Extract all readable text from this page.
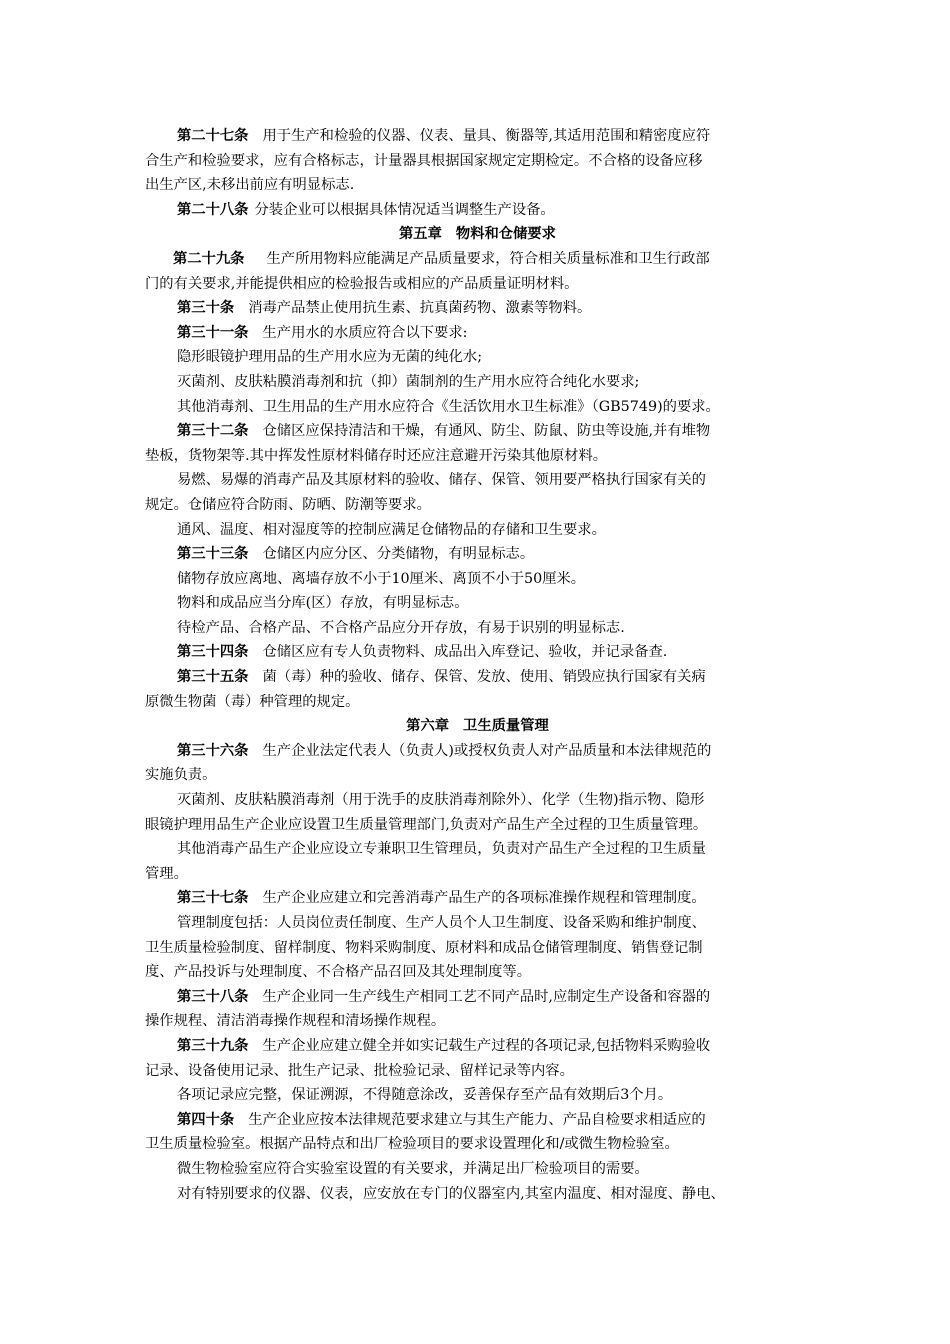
第二十七条 用于生产和检验的仪器、仪表、量具、衡器等,其适用范围和精密度应符
合生产和检验要求，应有合格标志，计量器具根据国家规定定期检定。不合格的设备应移
出生产区,未移出前应有明显标志.
第二十八条 分装企业可以根据具体情况适当调整生产设备。
第五章 物料和仓储要求
第二十九条 生产所用物料应能满足产品质量要求，符合相关质量标准和卫生行政部
门的有关要求,并能提供相应的检验报告或相应的产品质量证明材料。
第三十条 消毒产品禁止使用抗生素、抗真菌药物、激素等物料。
第三十一条 生产用水的水质应符合以下要求:
隐形眼镜护理用品的生产用水应为无菌的纯化水;
灭菌剂、皮肤粘膜消毒剂和抗（抑）菌制剂的生产用水应符合纯化水要求;
其他消毒剂、卫生用品的生产用水应符合《生活饮用水卫生标准》（GB5749)的要求。
第三十二条 仓储区应保持清洁和干燥，有通风、防尘、防鼠、防虫等设施,并有堆物
垫板，货物架等.其中挥发性原材料储存时还应注意避开污染其他原材料。
易燃、易爆的消毒产品及其原材料的验收、储存、保管、领用要严格执行国家有关的
规定。仓储应符合防雨、防晒、防潮等要求。
通风、温度、相对湿度等的控制应满足仓储物品的存储和卫生要求。
第三十三条 仓储区内应分区、分类储物，有明显标志。
储物存放应离地、离墙存放不小于10厘米、离顶不小于50厘米。
物料和成品应当分库(区）存放，有明显标志。
待检产品、合格产品、不合格产品应分开存放，有易于识别的明显标志.
第三十四条 仓储区应有专人负责物料、成品出入库登记、验收，并记录备查.
第三十五条 菌（毒）种的验收、储存、保管、发放、使用、销毁应执行国家有关病
原微生物菌（毒）种管理的规定。
第六章 卫生质量管理
第三十六条 生产企业法定代表人（负责人)或授权负责人对产品质量和本法律规范的
实施负责。
灭菌剂、皮肤粘膜消毒剂（用于洗手的皮肤消毒剂除外）、化学（生物)指示物、隐形
眼镜护理用品生产企业应设置卫生质量管理部门,负责对产品生产全过程的卫生质量管理。
其他消毒产品生产企业应设立专兼职卫生管理员，负责对产品生产全过程的卫生质量
管理。
第三十七条 生产企业应建立和完善消毒产品生产的各项标准操作规程和管理制度。
管理制度包括：人员岗位责任制度、生产人员个人卫生制度、设备采购和维护制度、
卫生质量检验制度、留样制度、物料采购制度、原材料和成品仓储管理制度、销售登记制
度、产品投诉与处理制度、不合格产品召回及其处理制度等。
第三十八条 生产企业同一生产线生产相同工艺不同产品时,应制定生产设备和容器的
操作规程、清洁消毒操作规程和清场操作规程。
第三十九条 生产企业应建立健全并如实记载生产过程的各项记录,包括物料采购验收
记录、设备使用记录、批生产记录、批检验记录、留样记录等内容。
各项记录应完整，保证溯源，不得随意涂改，妥善保存至产品有效期后3个月。
第四十条 生产企业应按本法律规范要求建立与其生产能力、产品自检要求相适应的
卫生质量检验室。根据产品特点和出厂检验项目的要求设置理化和/或微生物检验室。
微生物检验室应符合实验室设置的有关要求，并满足出厂检验项目的需要。
对有特别要求的仪器、仪表，应安放在专门的仪器室内,其室内温度、相对湿度、静电、
